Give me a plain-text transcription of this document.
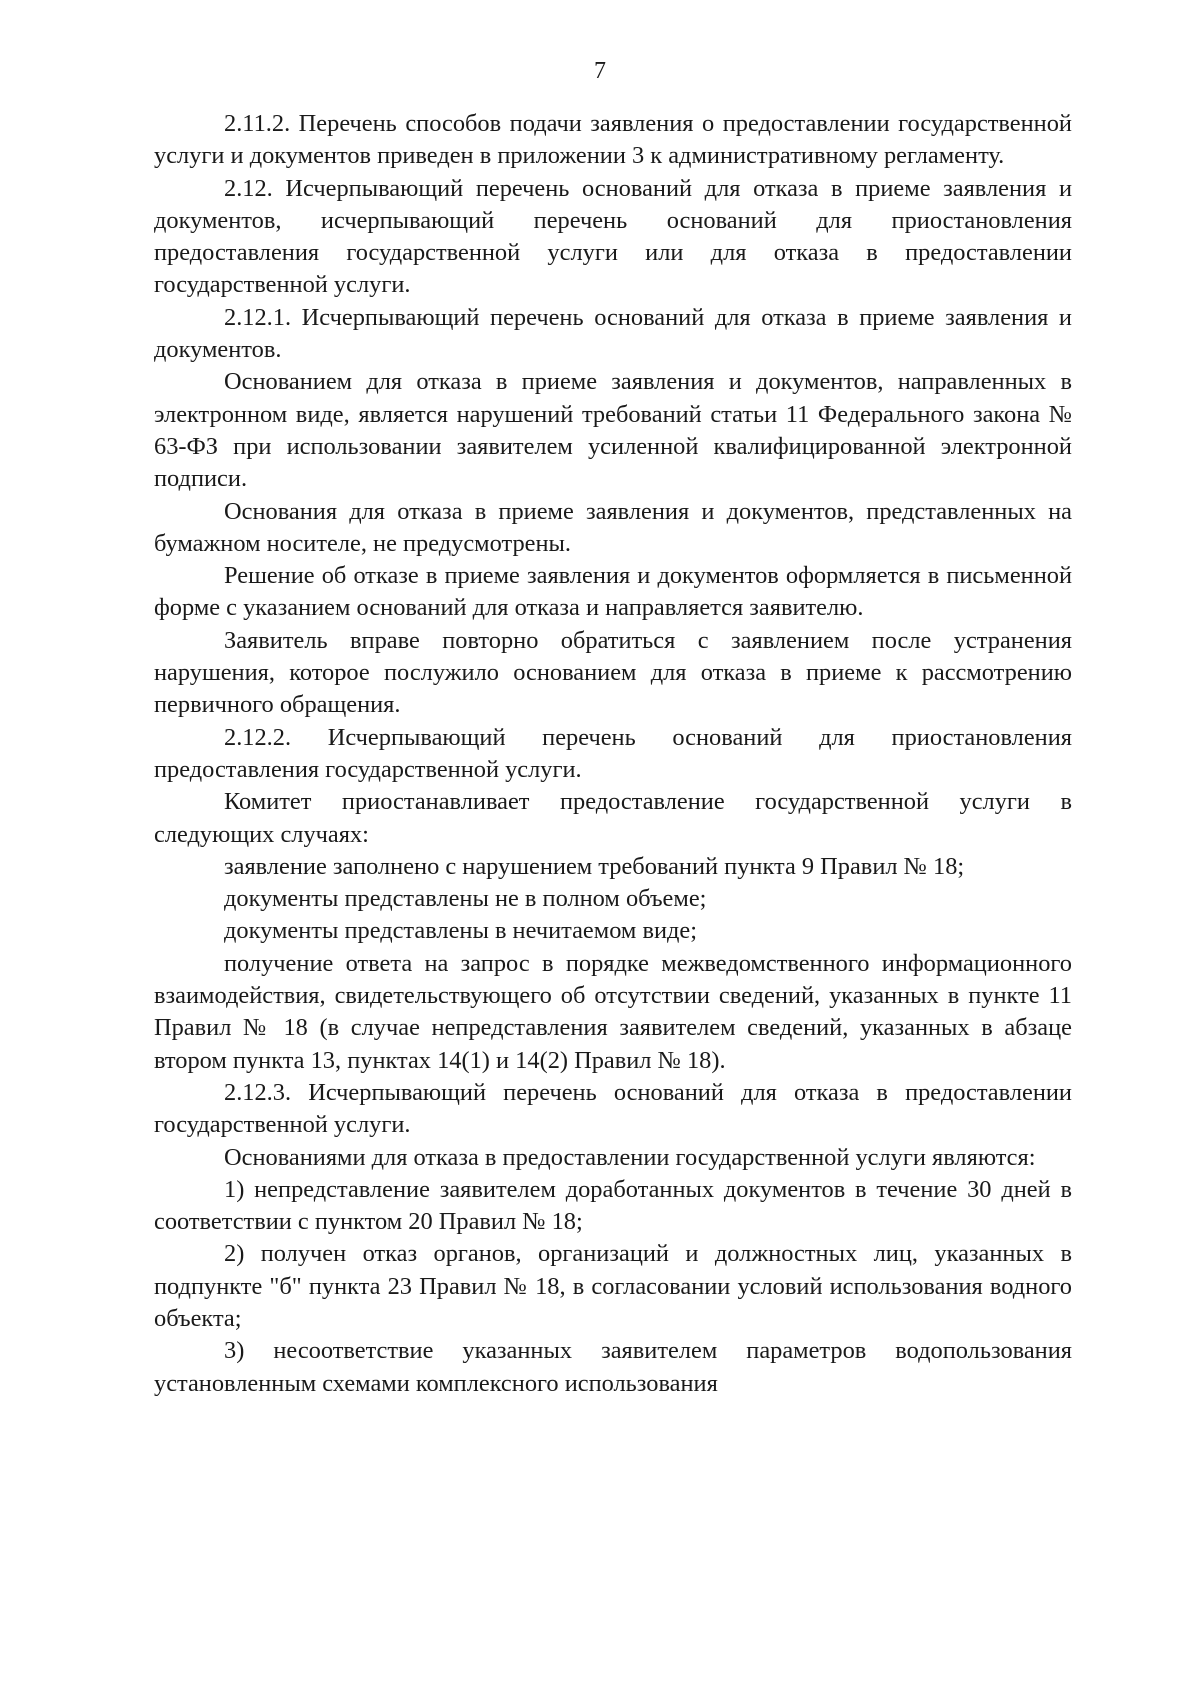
7

2.11.2. Перечень способов подачи заявления о предоставлении государственной услуги и документов приведен в приложении 3 к административному регламенту.

2.12. Исчерпывающий перечень оснований для отказа в приеме заявления и документов, исчерпывающий перечень оснований для приостановления предоставления государственной услуги или для отказа в предоставлении государственной услуги.

2.12.1. Исчерпывающий перечень оснований для отказа в приеме заявления и документов.

Основанием для отказа в приеме заявления и документов, направленных в электронном виде, является нарушений требований статьи 11 Федерального закона № 63-ФЗ при использовании заявителем усиленной квалифицированной электронной подписи.

Основания для отказа в приеме заявления и документов, представленных на бумажном носителе, не предусмотрены.

Решение об отказе в приеме заявления и документов оформляется в письменной форме с указанием оснований для отказа и направляется заявителю.

Заявитель вправе повторно обратиться с заявлением после устранения нарушения, которое послужило основанием для отказа в приеме к рассмотрению первичного обращения.

2.12.2. Исчерпывающий перечень оснований для приостановления предоставления государственной услуги.

Комитет приостанавливает предоставление государственной услуги в следующих случаях:

заявление заполнено с нарушением требований пункта 9 Правил № 18;

документы представлены не в полном объеме;

документы представлены в нечитаемом виде;

получение ответа на запрос в порядке межведомственного информационного взаимодействия, свидетельствующего об отсутствии сведений, указанных в пункте 11 Правил № 18 (в случае непредставления заявителем сведений, указанных в абзаце втором пункта 13, пунктах 14(1) и 14(2) Правил № 18).

2.12.3. Исчерпывающий перечень оснований для отказа в предоставлении государственной услуги.

Основаниями для отказа в предоставлении государственной услуги являются:

1) непредставление заявителем доработанных документов в течение 30 дней в соответствии с пунктом 20 Правил № 18;

2) получен отказ органов, организаций и должностных лиц, указанных в подпункте "б" пункта 23 Правил № 18, в согласовании условий использования водного объекта;

3) несоответствие указанных заявителем параметров водопользования установленным схемами комплексного использования
